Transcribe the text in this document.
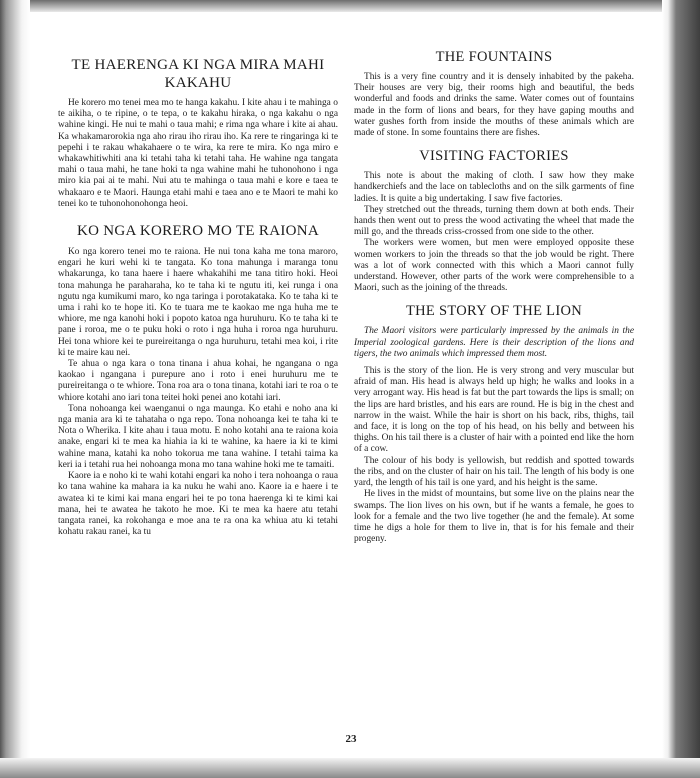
TE HAERENGA KI NGA MIRA MAHI KAKAHU

He korero mo tenei mea mo te hanga kakahu. I kite ahau i te mahinga o te aikiha, o te ripine, o te tepa, o te kakahu hiraka, o nga kakahu o nga wahine kingi. He nui te mahi o taua mahi; e rima nga whare i kite ai ahau. Ka whakamarorokia nga aho rirau iho rirau iho. Ka rere te ringaringa ki te pepehi i te rakau whakahaere o te wira, ka rere te mira. Ko nga miro e whakawhitiwhiti ana ki tetahi taha ki tetahi taha. He wahine nga tangata mahi o taua mahi, he tane hoki ta nga wahine mahi he tuhonohono i nga miro kia pai ai te mahi. Nui atu te mahinga o taua mahi e kore e taea te whakaaro e te Maori. Haunga etahi mahi e taea ano e te Maori te mahi ko tenei ko te tuhonohonohonga heoi.

KO NGA KORERO MO TE RAIONA

Ko nga korero tenei mo te raiona. He nui tona kaha me tona maroro, engari he kuri wehi ki te tangata. Ko tona mahunga i maranga tonu whakarunga, ko tana haere i haere whakahihi me tana titiro hoki. Heoi tona mahunga he paraharaha, ko te taha ki te ngutu iti, kei runga i ona ngutu nga kumikumi maro, ko nga taringa i porotakataka. Ko te taha ki te uma i rahi ko te hope iti. Ko te tuara me te kaokao me nga huha me te whiore, me nga kanohi hoki i popoto katoa nga huruhuru. Ko te taha ki te pane i roroa, me o te puku hoki o roto i nga huha i roroa nga huruhuru. Hei tona whiore kei te pureireitanga o nga huruhuru, tetahi mea koi, i rite ki te maire kau nei.

Te ahua o nga kara o tona tinana i ahua kohai, he ngangana o nga kaokao i ngangana i purepure ano i roto i enei huruhuru me te pureireitanga o te whiore. Tona roa ara o tona tinana, kotahi iari te roa o te whiore kotahi ano iari tona teitei hoki penei ano kotahi iari.

Tona nohoanga kei waenganui o nga maunga. Ko etahi e noho ana ki nga mania ara ki te tahataha o nga repo. Tona nohoanga kei te taha ki te Nota o Wherika. I kite ahau i taua motu. E noho kotahi ana te raiona koia anake, engari ki te mea ka hiahia ia ki te wahine, ka haere ia ki te kimi wahine mana, katahi ka noho tokorua me tana wahine. I tetahi taima ka keri ia i tetahi rua hei nohoanga mona mo tana wahine hoki me te tamaiti.

Kaore ia e noho ki te wahi kotahi engari ka noho i tera nohoanga o raua ko tana wahine ka mahara ia ka nuku he wahi ano. Kaore ia e haere i te awatea ki te kimi kai mana engari hei te po tona haerenga ki te kimi kai mana, hei te awatea he takoto he moe. Ki te mea ka haere atu tetahi tangata ranei, ka rokohanga e moe ana te ra ona ka whiua atu ki tetahi kohatu rakau ranei, ka tu

THE FOUNTAINS

This is a very fine country and it is densely inhabited by the pakeha. Their houses are very big, their rooms high and beautiful, the beds wonderful and foods and drinks the same. Water comes out of fountains made in the form of lions and bears, for they have gaping mouths and water gushes forth from inside the mouths of these animals which are made of stone. In some fountains there are fishes.

VISITING FACTORIES

This note is about the making of cloth. I saw how they make handkerchiefs and the lace on tablecloths and on the silk garments of fine ladies. It is quite a big undertaking. I saw five factories.

They stretched out the threads, turning them down at both ends. Their hands then went out to press the wood activating the wheel that made the mill go, and the threads criss-crossed from one side to the other.

The workers were women, but men were employed opposite these women workers to join the threads so that the job would be right. There was a lot of work connected with this which a Maori cannot fully understand. However, other parts of the work were comprehensible to a Maori, such as the joining of the threads.

THE STORY OF THE LION

The Maori visitors were particularly impressed by the animals in the Imperial zoological gardens. Here is their description of the lions and tigers, the two animals which impressed them most.

This is the story of the lion. He is very strong and very muscular but afraid of man. His head is always held up high; he walks and looks in a very arrogant way. His head is fat but the part towards the lips is small; on the lips are hard bristles, and his ears are round. He is big in the chest and narrow in the waist. While the hair is short on his back, ribs, thighs, tail and face, it is long on the top of his head, on his belly and between his thighs. On his tail there is a cluster of hair with a pointed end like the horn of a cow.

The colour of his body is yellowish, but reddish and spotted towards the ribs, and on the cluster of hair on his tail. The length of his body is one yard, the length of his tail is one yard, and his height is the same.

He lives in the midst of mountains, but some live on the plains near the swamps. The lion lives on his own, but if he wants a female, he goes to look for a female and the two live together (he and the female). At some time he digs a hole for them to live in, that is for his female and their progeny.

23
